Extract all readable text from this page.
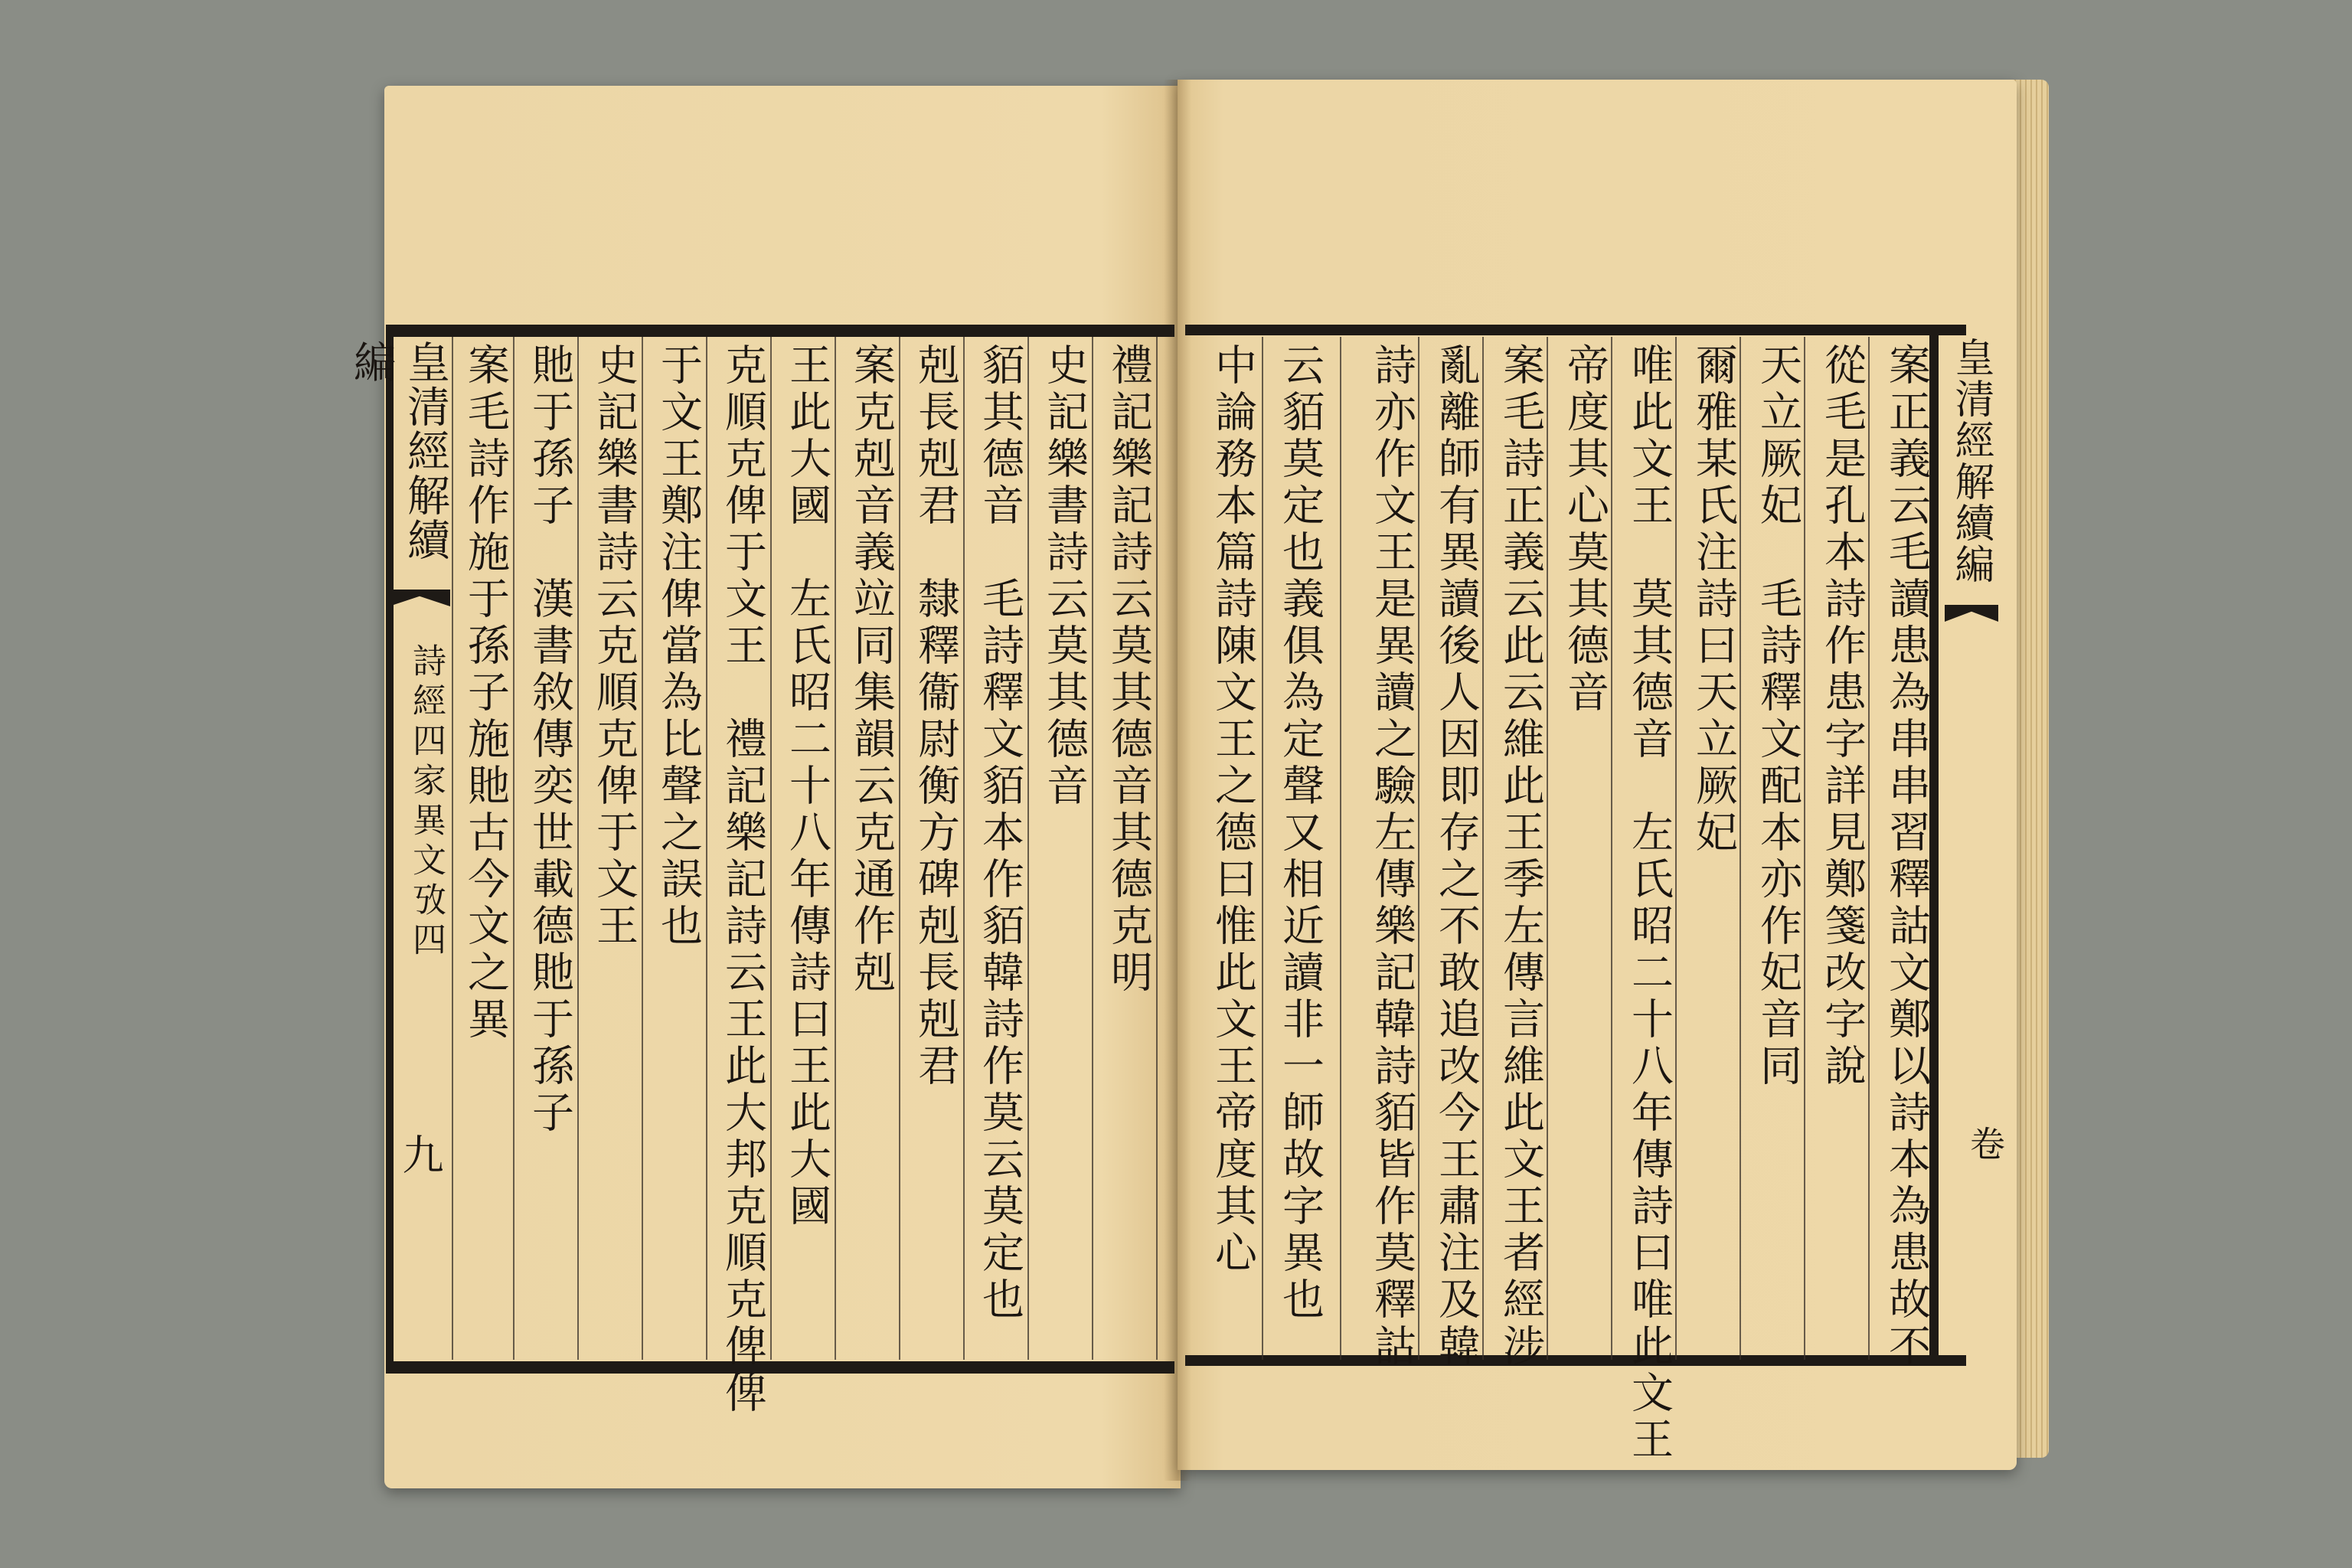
皇清經解續編
詩經四家異文攷四
九
禮記樂記詩云莫其德音其德克明
史記樂書詩云莫其德音
貊其德音　毛詩釋文貊本作貊韓詩作莫云莫定也
剋長剋君　隸釋衞尉衡方碑剋長剋君
案克剋音義竝同集韻云克通作剋
王此大國　左氏昭二十八年傳詩曰王此大國
克順克俾于文王　禮記樂記詩云王此大邦克順克俾俾
于文王鄭注俾當為比聲之誤也
史記樂書詩云克順克俾于文王
貤于孫子　漢書敘傳奕世載德貤于孫子
案毛詩作施于孫子施貤古今文之異	皇清經解續編
卷
案正義云毛讀患為串串習釋詁文鄭以詩本為患故不
從毛是孔本詩作患字詳見鄭箋改字說
天立厥妃　毛詩釋文配本亦作妃音同
爾雅某氏注詩曰天立厥妃
唯此文王　莫其德音　左氏昭二十八年傳詩曰唯此文王
帝度其心莫其德音
案毛詩正義云此云維此王季左傳言維此文王者經涉
亂離師有異讀後人因即存之不敢追改今王肅注及韓
詩亦作文王是異讀之驗左傳樂記韓詩貊皆作莫釋詁
云貊莫定也義俱為定聲又相近讀非一師故字異也
中論務本篇詩陳文王之德曰惟此文王帝度其心
